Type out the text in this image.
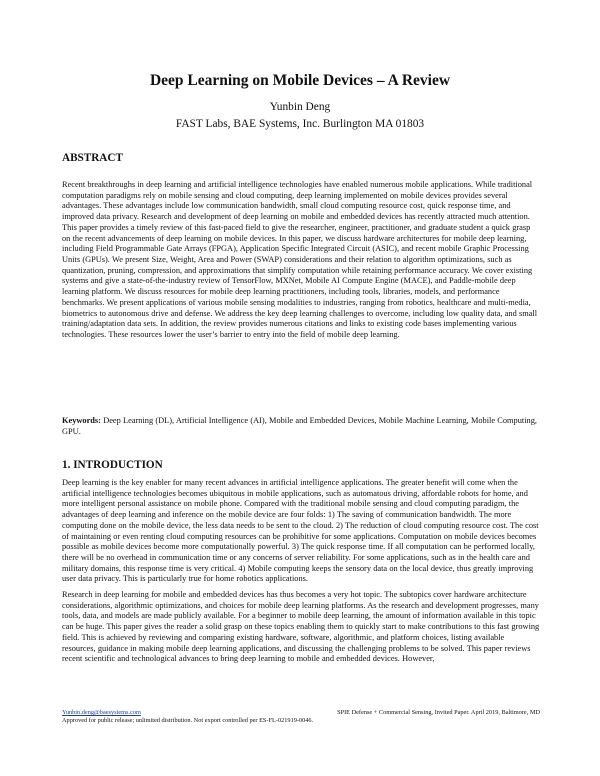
Deep Learning on Mobile Devices – A Review
Yunbin Deng
FAST Labs, BAE Systems, Inc. Burlington MA 01803
ABSTRACT

Recent breakthroughs in deep learning and artificial intelligence technologies have enabled numerous mobile applications. While traditional computation paradigms rely on mobile sensing and cloud computing, deep learning implemented on mobile devices provides several advantages. These advantages include low communication bandwidth, small cloud computing resource cost, quick response time, and improved data privacy. Research and development of deep learning on mobile and embedded devices has recently attracted much attention. This paper provides a timely review of this fast-paced field to give the researcher, engineer, practitioner, and graduate student a quick grasp on the recent advancements of deep learning on mobile devices. In this paper, we discuss hardware architectures for mobile deep learning, including Field Programmable Gate Arrays (FPGA), Application Specific Integrated Circuit (ASIC), and recent mobile Graphic Processing Units (GPUs). We present Size, Weight, Area and Power (SWAP) considerations and their relation to algorithm optimizations, such as quantization, pruning, compression, and approximations that simplify computation while retaining performance accuracy. We cover existing systems and give a state-of-the-industry review of TensorFlow, MXNet, Mobile AI Compute Engine (MACE), and Paddle-mobile deep learning platform. We discuss resources for mobile deep learning practitioners, including tools, libraries, models, and performance benchmarks. We present applications of various mobile sensing modalities to industries, ranging from robotics, healthcare and multi-media, biometrics to autonomous drive and defense. We address the key deep learning challenges to overcome, including low quality data, and small training/adaptation data sets. In addition, the review provides numerous citations and links to existing code bases implementing various technologies. These resources lower the user’s barrier to entry into the field of mobile deep learning.

Keywords: Deep Learning (DL), Artificial Intelligence (AI), Mobile and Embedded Devices, Mobile Machine Learning, Mobile Computing, GPU.

1. INTRODUCTION

Deep learning is the key enabler for many recent advances in artificial intelligence applications. The greater benefit will come when the artificial intelligence technologies becomes ubiquitous in mobile applications, such as automatous driving, affordable robots for home, and more intelligent personal assistance on mobile phone. Compared with the traditional mobile sensing and cloud computing paradigm, the advantages of deep learning and inference on the mobile device are four folds: 1) The saving of communication bandwidth. The more computing done on the mobile device, the less data needs to be sent to the cloud. 2) The reduction of cloud computing resource cost. The cost of maintaining or even renting cloud computing resources can be prohibitive for some applications. Computation on mobile devices becomes possible as mobile devices become more computationally powerful. 3) The quick response time. If all computation can be performed locally, there will be no overhead in communication time or any concerns of server reliability. For some applications, such as in the health care and military domains, this response time is very critical. 4) Mobile computing keeps the sensory data on the local device, thus greatly improving user data privacy. This is particularly true for home robotics applications.

Research in deep learning for mobile and embedded devices has thus becomes a very hot topic. The subtopics cover hardware architecture considerations, algorithmic optimizations, and choices for mobile deep learning platforms. As the research and development progresses, many tools, data, and models are made publicly available. For a beginner to mobile deep learning, the amount of information available in this topic can be huge. This paper gives the reader a solid grasp on these topics enabling them to quickly start to make contributions to this fast growing field. This is achieved by reviewing and comparing existing hardware, software, algorithmic, and platform choices, listing available resources, guidance in making mobile deep learning applications, and discussing the challenging problems to be solved. This paper reviews recent scientific and technological advances to bring deep learning to mobile and embedded devices. However,

Yunbin.deng@baesystems.com	SPIE Defense + Commercial Sensing, Invited Paper. April 2019, Baltimore, MD
Approved for public release; unlimited distribution. Not export controlled per ES-FL-021919-0046.
